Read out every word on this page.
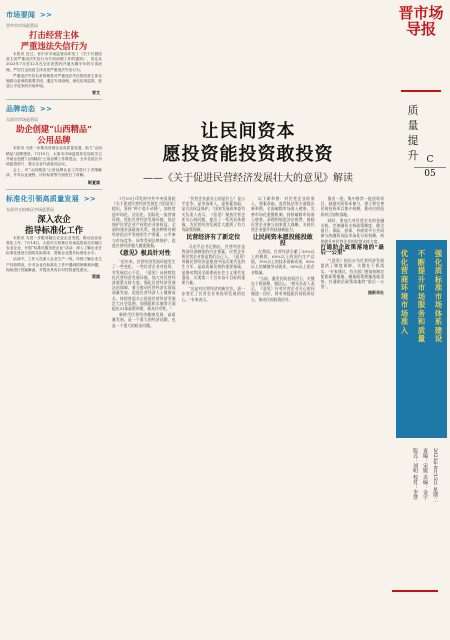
市场要闻 >>
晋中市市场监管局
打击经营主体
严重违法失信行为

本报讯 近日，晋中市市场监管局印发了《关于开展经营主体严重违法失信行为专项治理工作的通知》，决定从2023年7月至12月在全市范围内开展为期半年的专项治理。严厉打击经营主体各类严重违法失信行为。

严重违法失信名单管理是对严重违法失信的经营主体实施联合惩戒的重要手段，通过专项治理，深化信用监管，营造公平竞争的市场环境。

晋文
品牌动态 >>
太原市市场监管局
助企创建“山西精品”
公用品牌

本报讯 为进一步推动晋城企业高质量发展，助力“山西精品”品牌建设，7月10日，太原市市场监管局在局机关召开助企创建“山西精品”公用品牌工作推进会，全市各县区市场监管部门、重点企业代表参加会议。

会上，对“山西精品”公用品牌认证工作进行了详细解读，并对认证流程、评价标准等方面进行了讲解。

靳夏斌
标准化引领高质量发展 >>
太原市万柏林区市场监管局
深入农企
指导标准化工作

本报讯 为进一步服务辖区农业企业发展，推动农业标准化工作，7月14日，太原市万柏林区市场监管局走访辖区农业企业，开展“标准化服务进企业”活动，深入了解企业在标准化建设方面的实际需求，帮助企业提升标准化水平。

活动中，工作人员深入企业生产一线，详细了解企业生产经营情况，针对企业在标准化工作中遇到的困难和问题，现场进行答疑解惑，并提出具有针对性的意见建议。

梁斌
让民间资本
愿投资能投资敢投资
——《关于促进民营经济发展壮大的意见》解读

7月19日印发的中共中央国务院《关于促进民营经济发展壮大的意见》提出，坚持“两个毫不动摇”，加快营造市场化、法治化、国际化一流营商环境，优化民营经济发展环境，依法保护民营企业产权和企业家权益，全面构建亲清政商关系，使各种所有制经济依法平等使用生产要素、公平参与市场竞争、同等受到法律保护，促进民营经济做大做优做强。

《意见》极具针对性

“近年来，民营经济发展环境发生了一些变化，一些民营企业对投资、对发展信心不足。《意见》从持续优化民营经济发展环境、加大对民营经济政策支持力度、强化民营经济发展法治保障、着力推动民营经济实现高质量发展、促进民营经济人士健康成长、持续营造关心促进民营经济发展壮大社会氛围、加强组织实施等方面提出31条政策举措，极具针对性。”

新时代民营经济健康发展、高质量发展，是一个重大的经济问题，也是一个重大的政治问题。

“民营企业最关心的是什么？是公平竞争，是市场准入，是要素获取，是合法权益保护。”国家发展改革委有关负责人表示，《意见》聚焦民营企业关心的问题，提出了一系列具体措施，为民营经济发展壮大提供了有力的政策保障。

民营经济有了新定位

习近平总书记指出，民营经济是我国经济制度的内在要素，民营企业和民营企业家是我们自己人。《意见》明确民营经济是推进中国式现代化的生力军，是高质量发展的重要基础，是推动我国全面建成社会主义现代化强国、实现第二个百年奋斗目标的重要力量。

“这是对民营经济的新定位，进一步坚定了民营企业家投资发展的信心。”专家表示。

以下新举措：对民营企业的准入、要素获取、监管执法等方面提出新举措，全面破除市场准入壁垒，完善市场化重整机制，持续破除市场准入壁垒，清理和规范涉企收费，鼓励民营企业参与国家重大战略，支持民营企业提升科技创新能力。

让民间资本愿投能投敢投

在我国，民营经济贡献了50%以上的税收，60%以上的国内生产总值，70%以上的技术创新成果，80%以上的城镇劳动就业，90%以上的企业数量。

“当前，激发民间投资活力，关键在于稳预期、强信心。”相关负责人表示，《意见》针对民营企业关心的问题逐一回应，将有效提振民间投资信心，推动民间投资回升。

推出一批，集中推荐一批投资项目，鼓励民间资本参与，建立和完善民间投资项目推介机制，推动民间投资项目加快落地。

同时，要加大对民营企业的金融支持，完善融资支持政策制度，健全银行、保险、担保、券商等多方共同参与的融资风险市场化分担机制，持续提升对民营企业的信贷支持力度。

打通助企政策落地的“最后一公里”

“《意见》的出台为民营经济发展提供了制度保障，关键在于抓落实。”专家建议，有关部门要加快制定配套政策措施，确保政策措施落地见效，打通助企政策落地的“最后一公里”。

据新华社

晋市场导报
质
量
提
升 C
05
强化质标准市场体系建设
不断提升市场服务和质量
优化营商环境市场准入
2023年8月15日 星期二
责编：宋媛 美编：金宇
版式：刘明 校对：李慧
